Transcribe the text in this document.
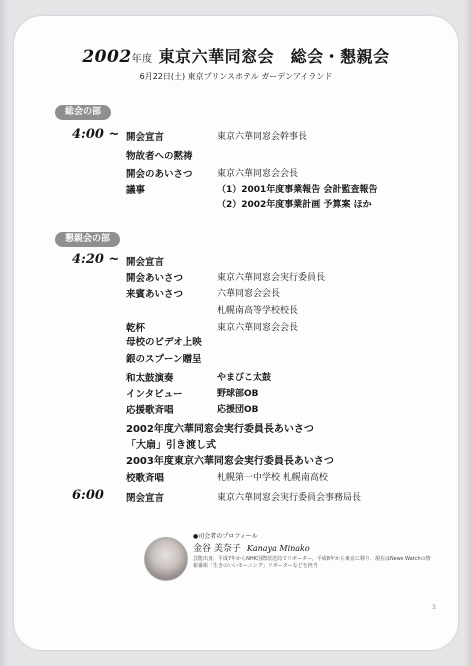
2002年度 東京六華同窓会　総会・懇親会
6月22日(土) 東京プリンスホテル ガーデンアイランド
総会の部
4:00 ~ 開会宣言	東京六華同窓会幹事長
物故者への黙祷
開会のあいさつ	東京六華同窓会会長
議事	（1）2001年度事業報告 会計監査報告
（2）2002年度事業計画 予算案 ほか
懇親会の部
4:20 ~ 開会宣言
開会あいさつ	東京六華同窓会実行委員長
来賓あいさつ	六華同窓会会長
札幌南高等学校校長
乾杯	東京六華同窓会会長
母校のビデオ上映
銀のスプーン贈呈
和太鼓演奏	やまびこ太鼓
インタビュー	野球部OB
応援歌斉唱	応援団OB
2002年度六華同窓会実行委員長あいさつ
「大扇」引き渡し式
2003年度東京六華同窓会実行委員長あいさつ
校歌斉唱	札幌第一中学校 札幌南高校
6:00 閉会宣言	東京六華同窓会実行委員会事務局長
●司会者のプロフィール
金谷 美奈子 Kanaya Minako
芸能出身。平成7年からNHK国際放送局でリポーター。平成8年から東京に移り、現在はNews Watchの情報番組「生きのいいモーニング」リポーターなどを担当
3
